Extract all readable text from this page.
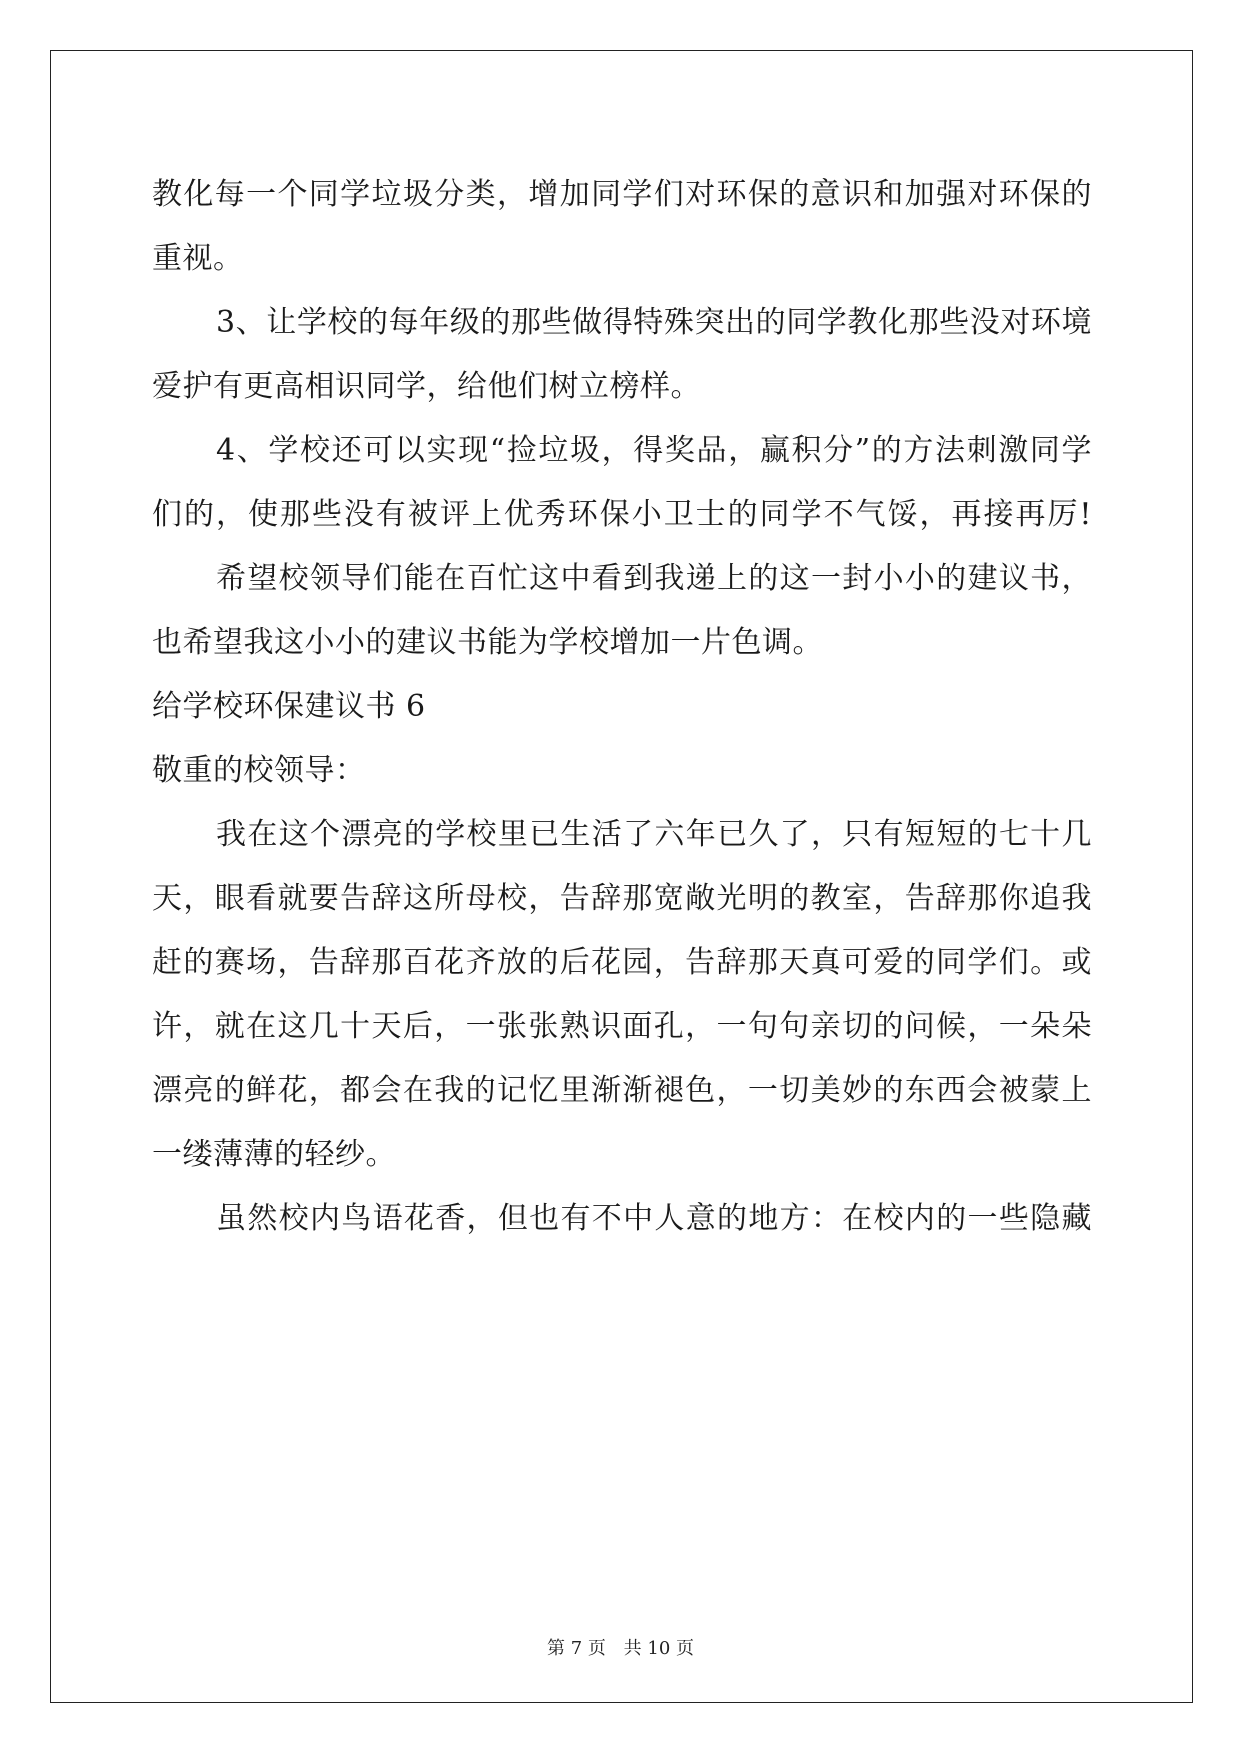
教化每一个同学垃圾分类，增加同学们对环保的意识和加强对环保的
重视。
3、让学校的每年级的那些做得特殊突出的同学教化那些没对环境
爱护有更高相识同学，给他们树立榜样。
4、学校还可以实现“捡垃圾，得奖品，赢积分”的方法刺激同学
们的，使那些没有被评上优秀环保小卫士的同学不气馁，再接再厉!
希望校领导们能在百忙这中看到我递上的这一封小小的建议书，
也希望我这小小的建议书能为学校增加一片色调。
给学校环保建议书 6
敬重的校领导：
我在这个漂亮的学校里已生活了六年已久了，只有短短的七十几
天，眼看就要告辞这所母校，告辞那宽敞光明的教室，告辞那你追我
赶的赛场，告辞那百花齐放的后花园，告辞那天真可爱的同学们。或
许，就在这几十天后，一张张熟识面孔，一句句亲切的问候，一朵朵
漂亮的鲜花，都会在我的记忆里渐渐褪色，一切美妙的东西会被蒙上
一缕薄薄的轻纱。
虽然校内鸟语花香，但也有不中人意的地方：在校内的一些隐藏
第 7 页 共 10 页
